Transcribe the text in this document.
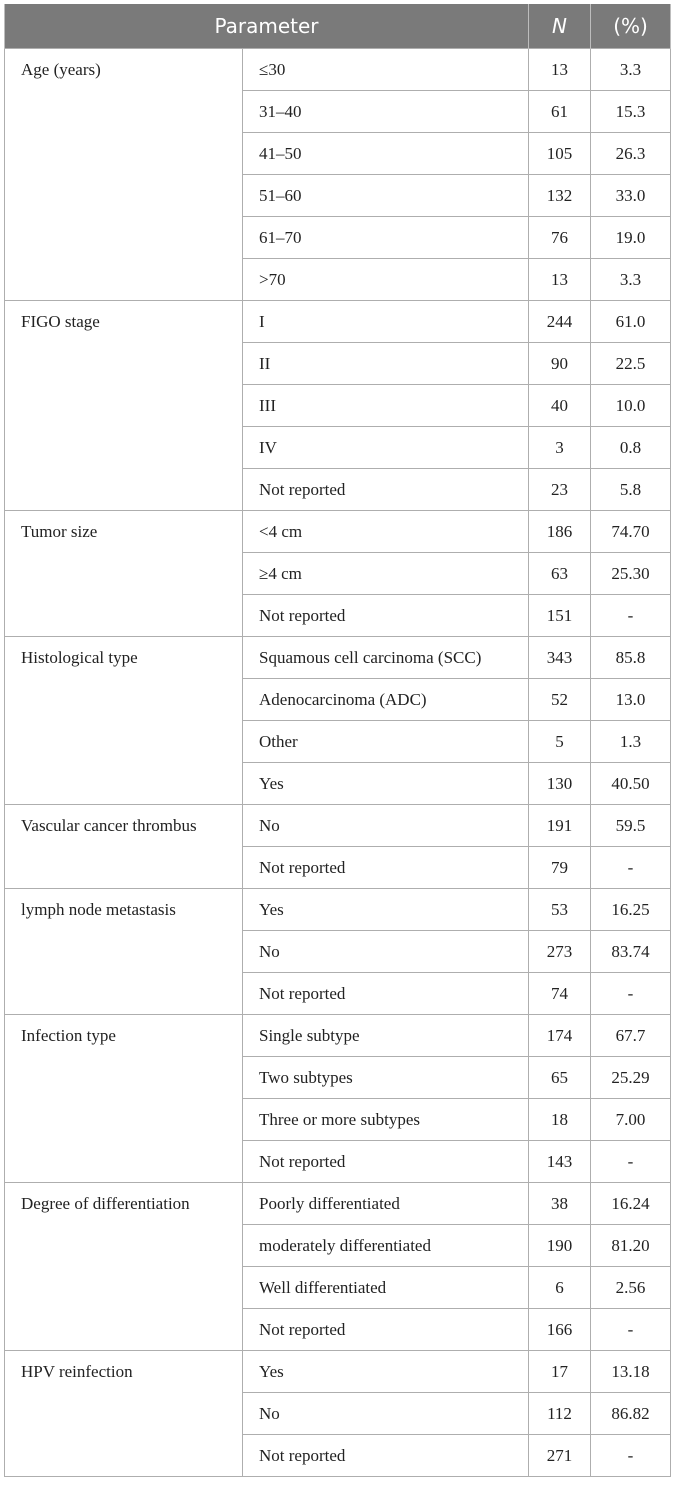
Parameter		N	(%)
Age (years)	≤30	13	3.3
	31–40	61	15.3
	41–50	105	26.3
	51–60	132	33.0
	61–70	76	19.0
	>70	13	3.3
FIGO stage	I	244	61.0
	II	90	22.5
	III	40	10.0
	IV	3	0.8
	Not reported	23	5.8
Tumor size	<4 cm	186	74.70
	≥4 cm	63	25.30
	Not reported	151	-
Histological type	Squamous cell carcinoma (SCC)	343	85.8
	Adenocarcinoma (ADC)	52	13.0
	Other	5	1.3
	Yes	130	40.50
Vascular cancer thrombus	No	191	59.5
	Not reported	79	-
lymph node metastasis	Yes	53	16.25
	No	273	83.74
	Not reported	74	-
Infection type	Single subtype	174	67.7
	Two subtypes	65	25.29
	Three or more subtypes	18	7.00
	Not reported	143	-
Degree of differentiation	Poorly differentiated	38	16.24
	moderately differentiated	190	81.20
	Well differentiated	6	2.56
	Not reported	166	-
HPV reinfection	Yes	17	13.18
	No	112	86.82
	Not reported	271	-
